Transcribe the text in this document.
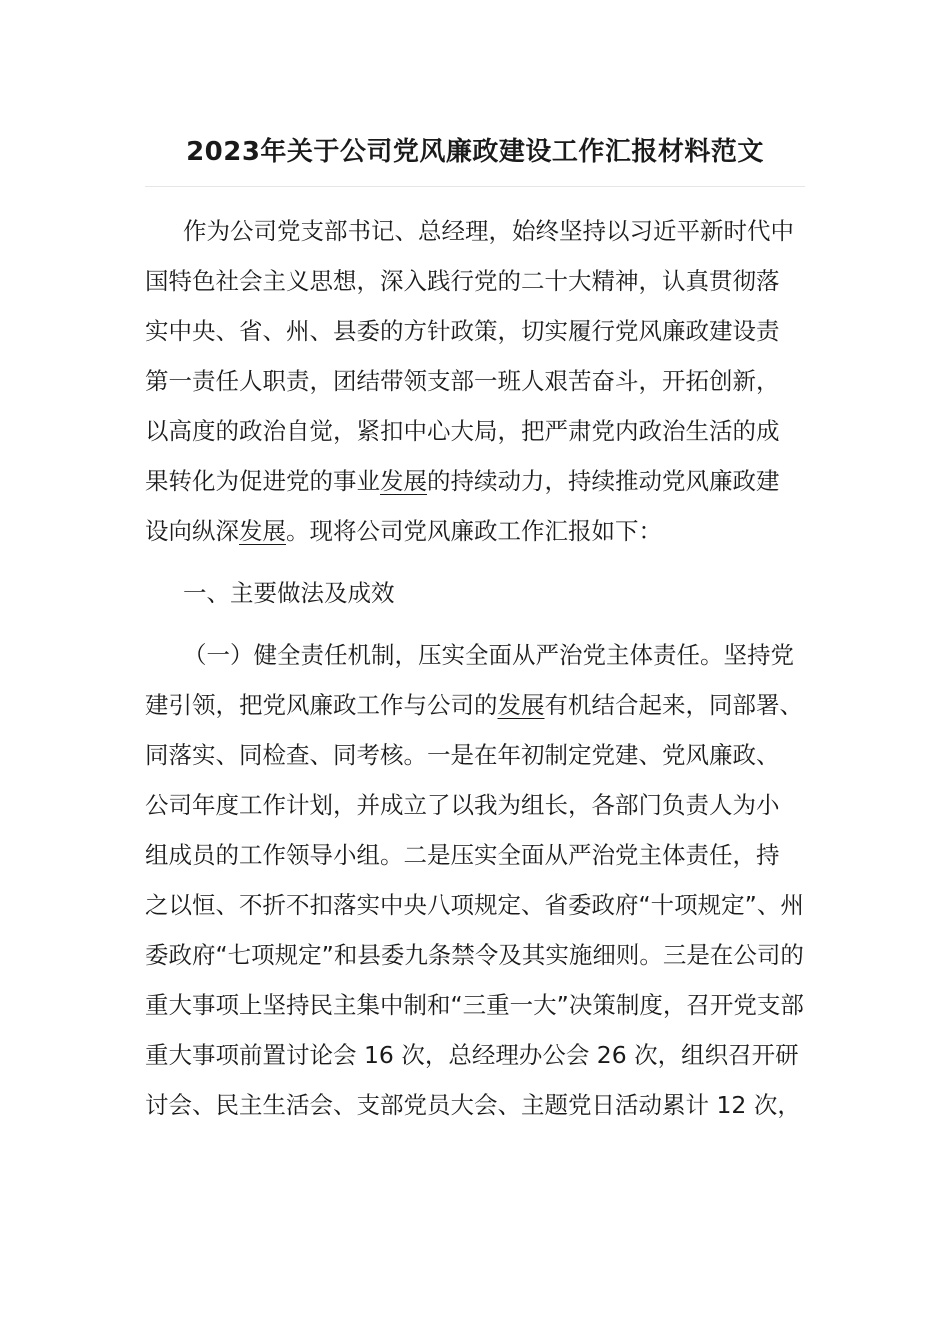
2023年关于公司党风廉政建设工作汇报材料范文
作为公司党支部书记、总经理，始终坚持以习近平新时代中
国特色社会主义思想，深入践行党的二十大精神，认真贯彻落
实中央、省、州、县委的方针政策，切实履行党风廉政建设责
第一责任人职责，团结带领支部一班人艰苦奋斗，开拓创新，
以高度的政治自觉，紧扣中心大局，把严肃党内政治生活的成
果转化为促进党的事业发展的持续动力，持续推动党风廉政建
设向纵深发展。现将公司党风廉政工作汇报如下：
一、主要做法及成效
（一）健全责任机制，压实全面从严治党主体责任。坚持党
建引领，把党风廉政工作与公司的发展有机结合起来，同部署、
同落实、同检查、同考核。一是在年初制定党建、党风廉政、
公司年度工作计划，并成立了以我为组长，各部门负责人为小
组成员的工作领导小组。二是压实全面从严治党主体责任，持
之以恒、不折不扣落实中央八项规定、省委政府“十项规定”、州
委政府“七项规定”和县委九条禁令及其实施细则。三是在公司的
重大事项上坚持民主集中制和“三重一大”决策制度，召开党支部
重大事项前置讨论会 16 次，总经理办公会 26 次，组织召开研
讨会、民主生活会、支部党员大会、主题党日活动累计 12 次，
